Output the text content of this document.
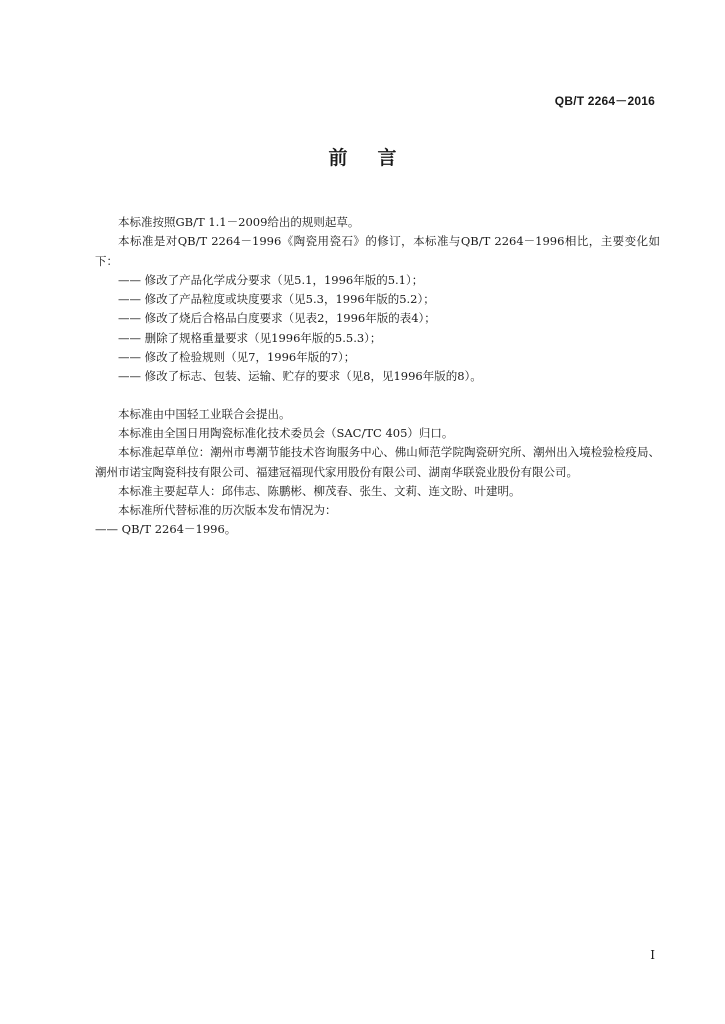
QB/T 2264－2016
前言

本标准按照GB/T 1.1－2009给出的规则起草。

本标准是对QB/T 2264－1996《陶瓷用瓷石》的修订，本标准与QB/T 2264－1996相比，主要变化如下：

—— 修改了产品化学成分要求（见5.1，1996年版的5.1）；

—— 修改了产品粒度或块度要求（见5.3，1996年版的5.2）；

—— 修改了烧后合格品白度要求（见表2，1996年版的表4）；

—— 删除了规格重量要求（见1996年版的5.5.3）；

—— 修改了检验规则（见7，1996年版的7）；

—— 修改了标志、包装、运输、贮存的要求（见8，见1996年版的8）。

本标准由中国轻工业联合会提出。

本标准由全国日用陶瓷标准化技术委员会（SAC/TC 405）归口。

本标准起草单位：潮州市粤潮节能技术咨询服务中心、佛山师范学院陶瓷研究所、潮州出入境检验检疫局、潮州市诺宝陶瓷科技有限公司、福建冠福现代家用股份有限公司、湖南华联瓷业股份有限公司。

本标准主要起草人：邱伟志、陈鹏彬、柳茂春、张生、文莉、连文盼、叶建明。

本标准所代替标准的历次版本发布情况为：

—— QB/T 2264－1996。

I
